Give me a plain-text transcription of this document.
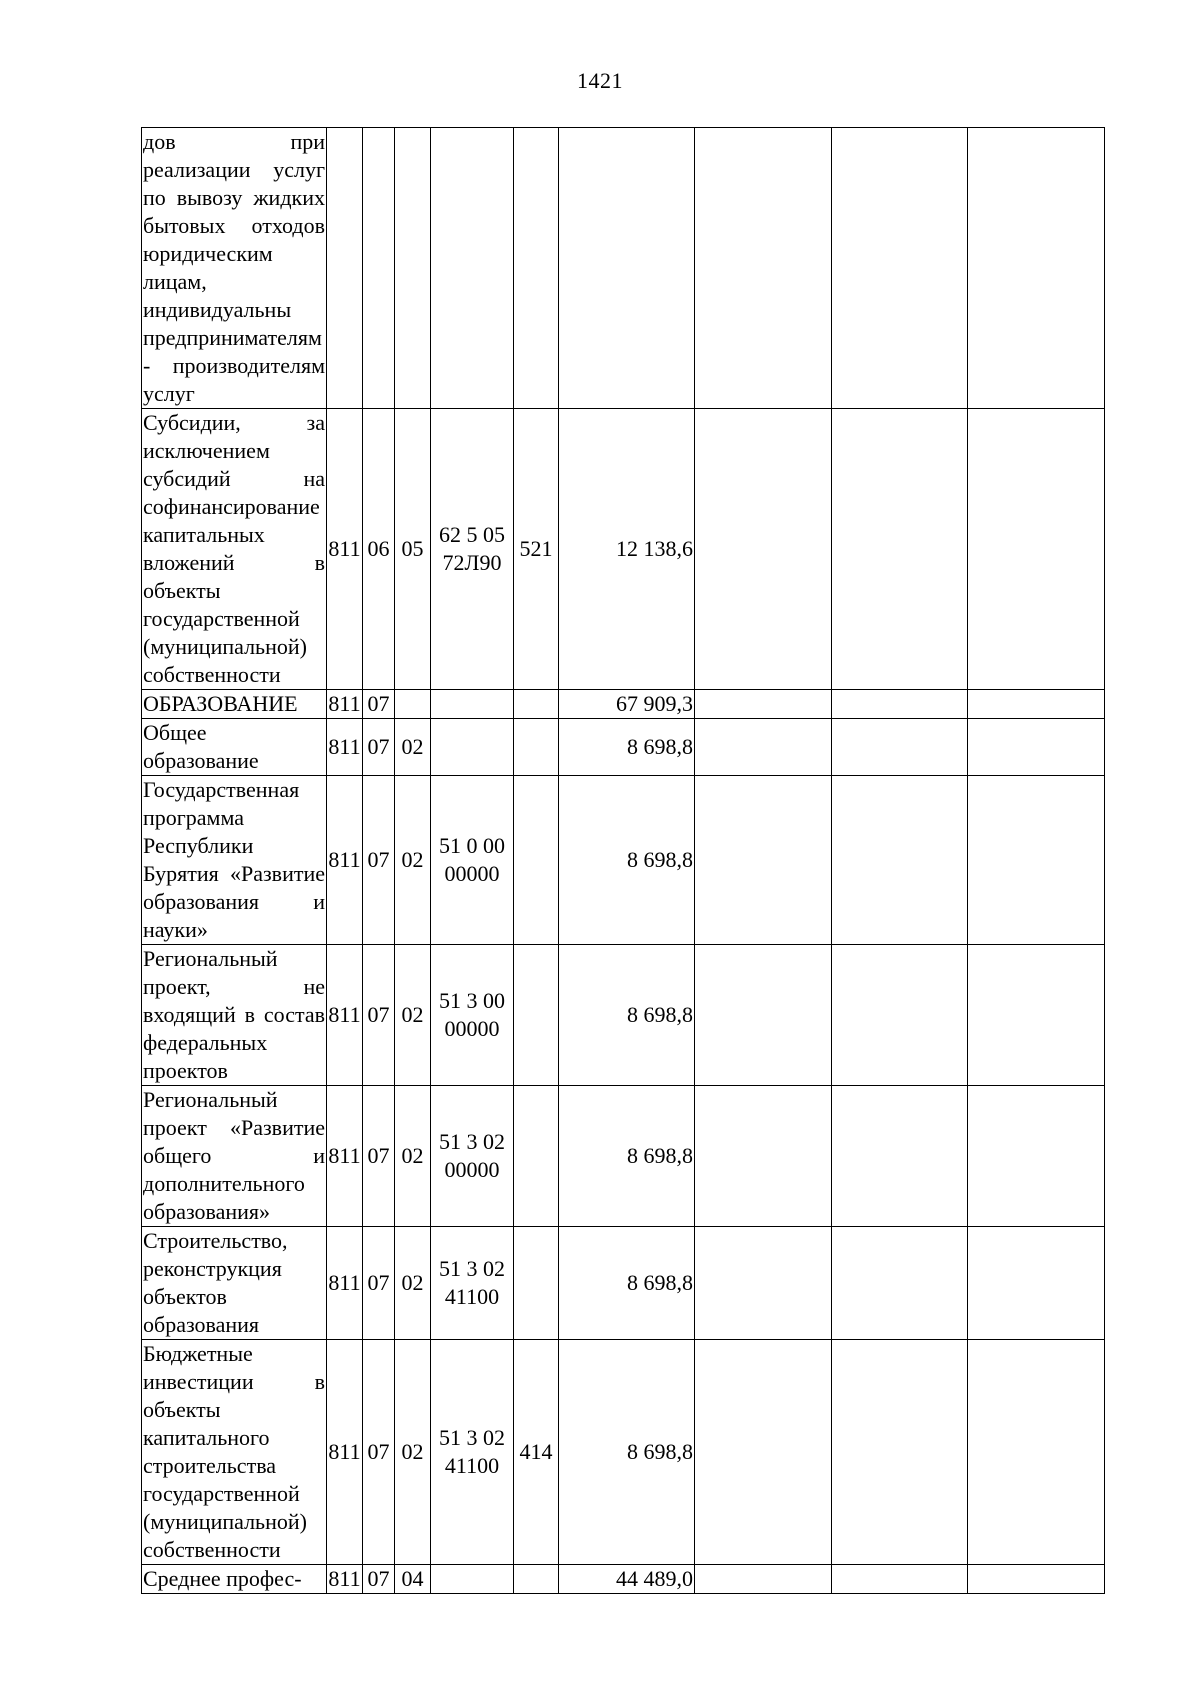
1421
дов при реализации услуг по вывозу жидких бытовых отходов юридическим лицам, индивидуальны предпринимателям - производителям услуг									
Субсидии, за исключением субсидий на софинансирование капитальных вложений в объекты государственной (муниципальной) собственности	811	06	05	62 5 05 72Л90	521	12 138,6			
ОБРАЗОВАНИЕ	811	07				67 909,3			
Общее образование	811	07	02			8 698,8			
Государственная программа Республики Бурятия «Развитие образования и науки»	811	07	02	51 0 00 00000		8 698,8			
Региональный проект, не входящий в состав федеральных проектов	811	07	02	51 3 00 00000		8 698,8			
Региональный проект «Развитие общего и дополнительного образования»	811	07	02	51 3 02 00000		8 698,8			
Строительство, реконструкция объектов образования	811	07	02	51 3 02 41100		8 698,8			
Бюджетные инвестиции в объекты капитального строительства государственной (муниципальной) собственности	811	07	02	51 3 02 41100	414	8 698,8			
Среднее профес-	811	07	04			44 489,0			
